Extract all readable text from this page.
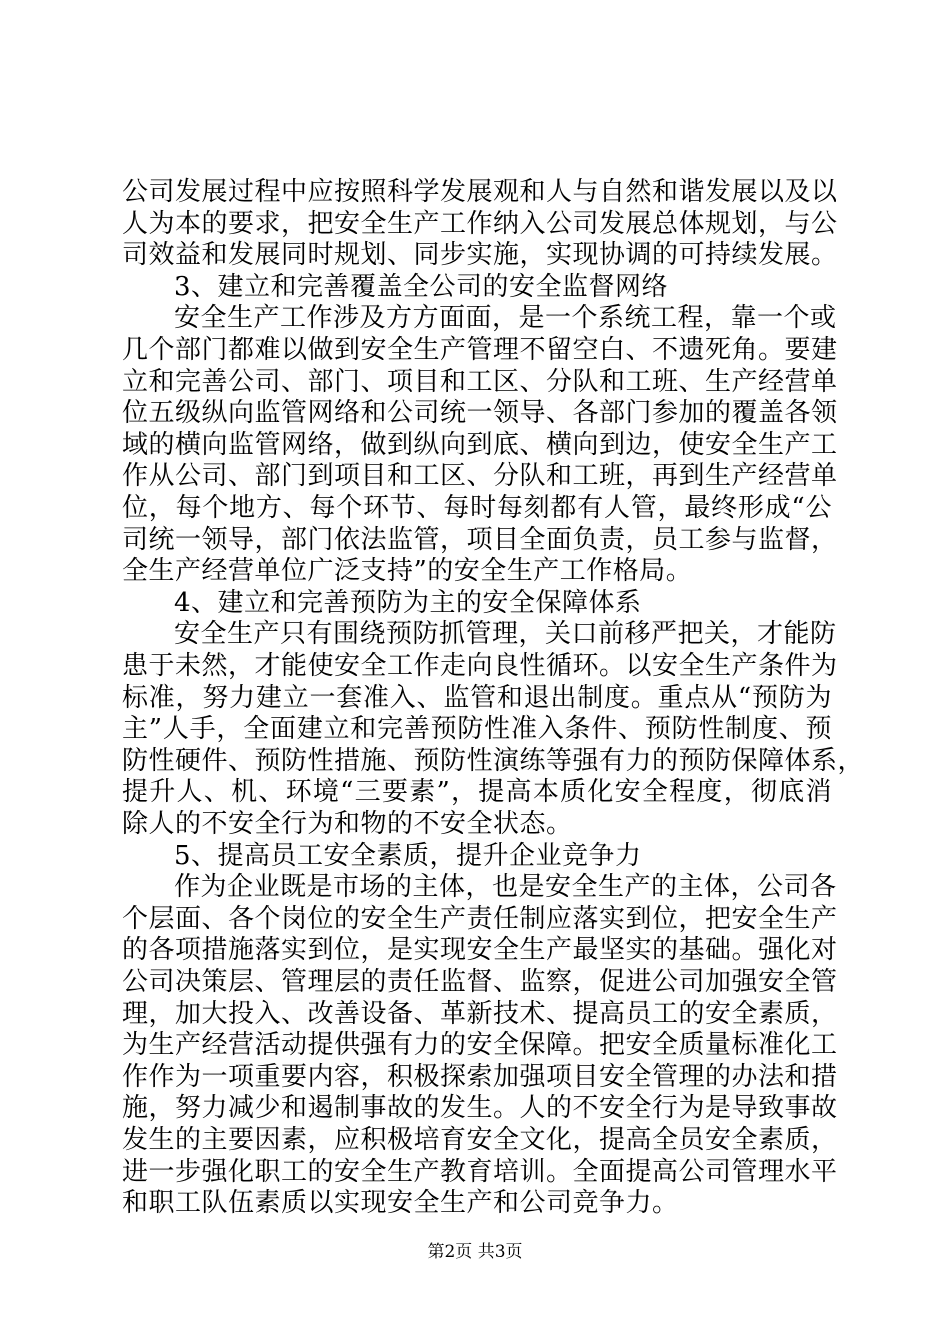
公司发展过程中应按照科学发展观和人与自然和谐发展以及以
人为本的要求，把安全生产工作纳入公司发展总体规划，与公
司效益和发展同时规划、同步实施，实现协调的可持续发展。
3、建立和完善覆盖全公司的安全监督网络
安全生产工作涉及方方面面，是一个系统工程，靠一个或
几个部门都难以做到安全生产管理不留空白、不遗死角。要建
立和完善公司、部门、项目和工区、分队和工班、生产经营单
位五级纵向监管网络和公司统一领导、各部门参加的覆盖各领
域的横向监管网络，做到纵向到底、横向到边，使安全生产工
作从公司、部门到项目和工区、分队和工班，再到生产经营单
位，每个地方、每个环节、每时每刻都有人管，最终形成“公
司统一领导，部门依法监管，项目全面负责，员工参与监督，
全生产经营单位广泛支持”的安全生产工作格局。
4、建立和完善预防为主的安全保障体系
安全生产只有围绕预防抓管理，关口前移严把关，才能防
患于未然，才能使安全工作走向良性循环。以安全生产条件为
标准，努力建立一套准入、监管和退出制度。重点从“预防为
主”人手，全面建立和完善预防性准入条件、预防性制度、预
防性硬件、预防性措施、预防性演练等强有力的预防保障体系，
提升人、机、环境“三要素”，提高本质化安全程度，彻底消
除人的不安全行为和物的不安全状态。
5、提高员工安全素质，提升企业竞争力
作为企业既是市场的主体，也是安全生产的主体，公司各
个层面、各个岗位的安全生产责任制应落实到位，把安全生产
的各项措施落实到位，是实现安全生产最坚实的基础。强化对
公司决策层、管理层的责任监督、监察，促进公司加强安全管
理，加大投入、改善设备、革新技术、提高员工的安全素质，
为生产经营活动提供强有力的安全保障。把安全质量标准化工
作作为一项重要内容，积极探索加强项目安全管理的办法和措
施，努力减少和遏制事故的发生。人的不安全行为是导致事故
发生的主要因素，应积极培育安全文化，提高全员安全素质，
进一步强化职工的安全生产教育培训。全面提高公司管理水平
和职工队伍素质以实现安全生产和公司竞争力。
第2页 共3页
